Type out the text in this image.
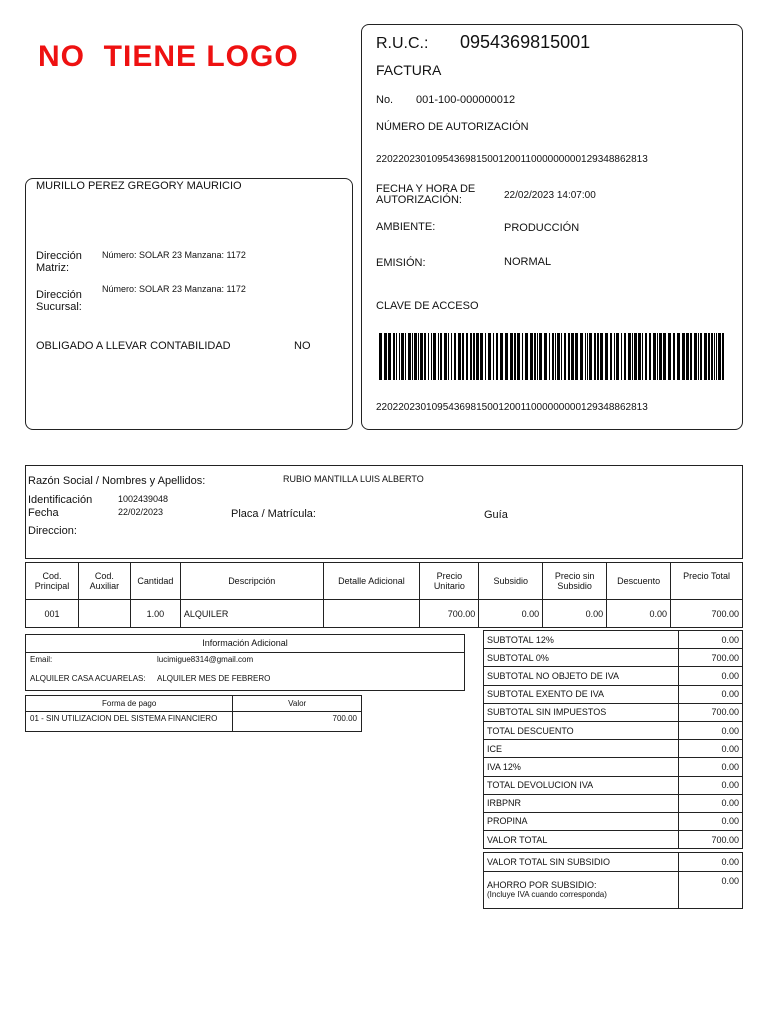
NO  TIENE LOGO	R.U.C.: 0954369815001
FACTURA
No. 001-100-000000012
NÚMERO DE AUTORIZACIÓN
2202202301095436981500120011000000000129348862813
FECHA Y HORA DE
AUTORIZACIÓN:	22/02/2023 14:07:00
AMBIENTE:	PRODUCCIÓN
EMISIÓN:	NORMAL
CLAVE DE ACCESO
2202202301095436981500120011000000000129348862813
MURILLO PEREZ GREGORY MAURICIO
Dirección
Matriz:
Número: SOLAR 23 Manzana: 1172
Dirección
Sucursal:
Número: SOLAR 23 Manzana: 1172
OBLIGADO A LLEVAR CONTABILIDAD	NO
Razón Social / Nombres y Apellidos:	RUBIO MANTILLA LUIS ALBERTO
Identificación	1002439048
Fecha	22/02/2023	Placa / Matrícula:	Guía
Direccion:
Cod. Principal	Cod. Auxiliar	Cantidad	Descripción	Detalle Adicional	Precio Unitario	Subsidio	Precio sin Subsidio	Descuento	Precio Total
001		1.00	ALQUILER		700.00	0.00	0.00	0.00	700.00
Información Adicional
Email:	lucimigue8314@gmail.com
ALQUILER CASA ACUARELAS: ALQUILER MES DE FEBRERO
Forma de pago	Valor
01 - SIN UTILIZACION DEL SISTEMA FINANCIERO	700.00
SUBTOTAL 12%	0.00
SUBTOTAL 0%	700.00
SUBTOTAL NO OBJETO DE IVA	0.00
SUBTOTAL EXENTO DE IVA	0.00
SUBTOTAL SIN IMPUESTOS	700.00
TOTAL DESCUENTO	0.00
ICE	0.00
IVA 12%	0.00
TOTAL DEVOLUCION IVA	0.00
IRBPNR	0.00
PROPINA	0.00
VALOR TOTAL	700.00
VALOR TOTAL SIN SUBSIDIO	0.00

AHORRO POR SUBSIDIO:
(Incluye IVA cuando corresponda)	0.00
